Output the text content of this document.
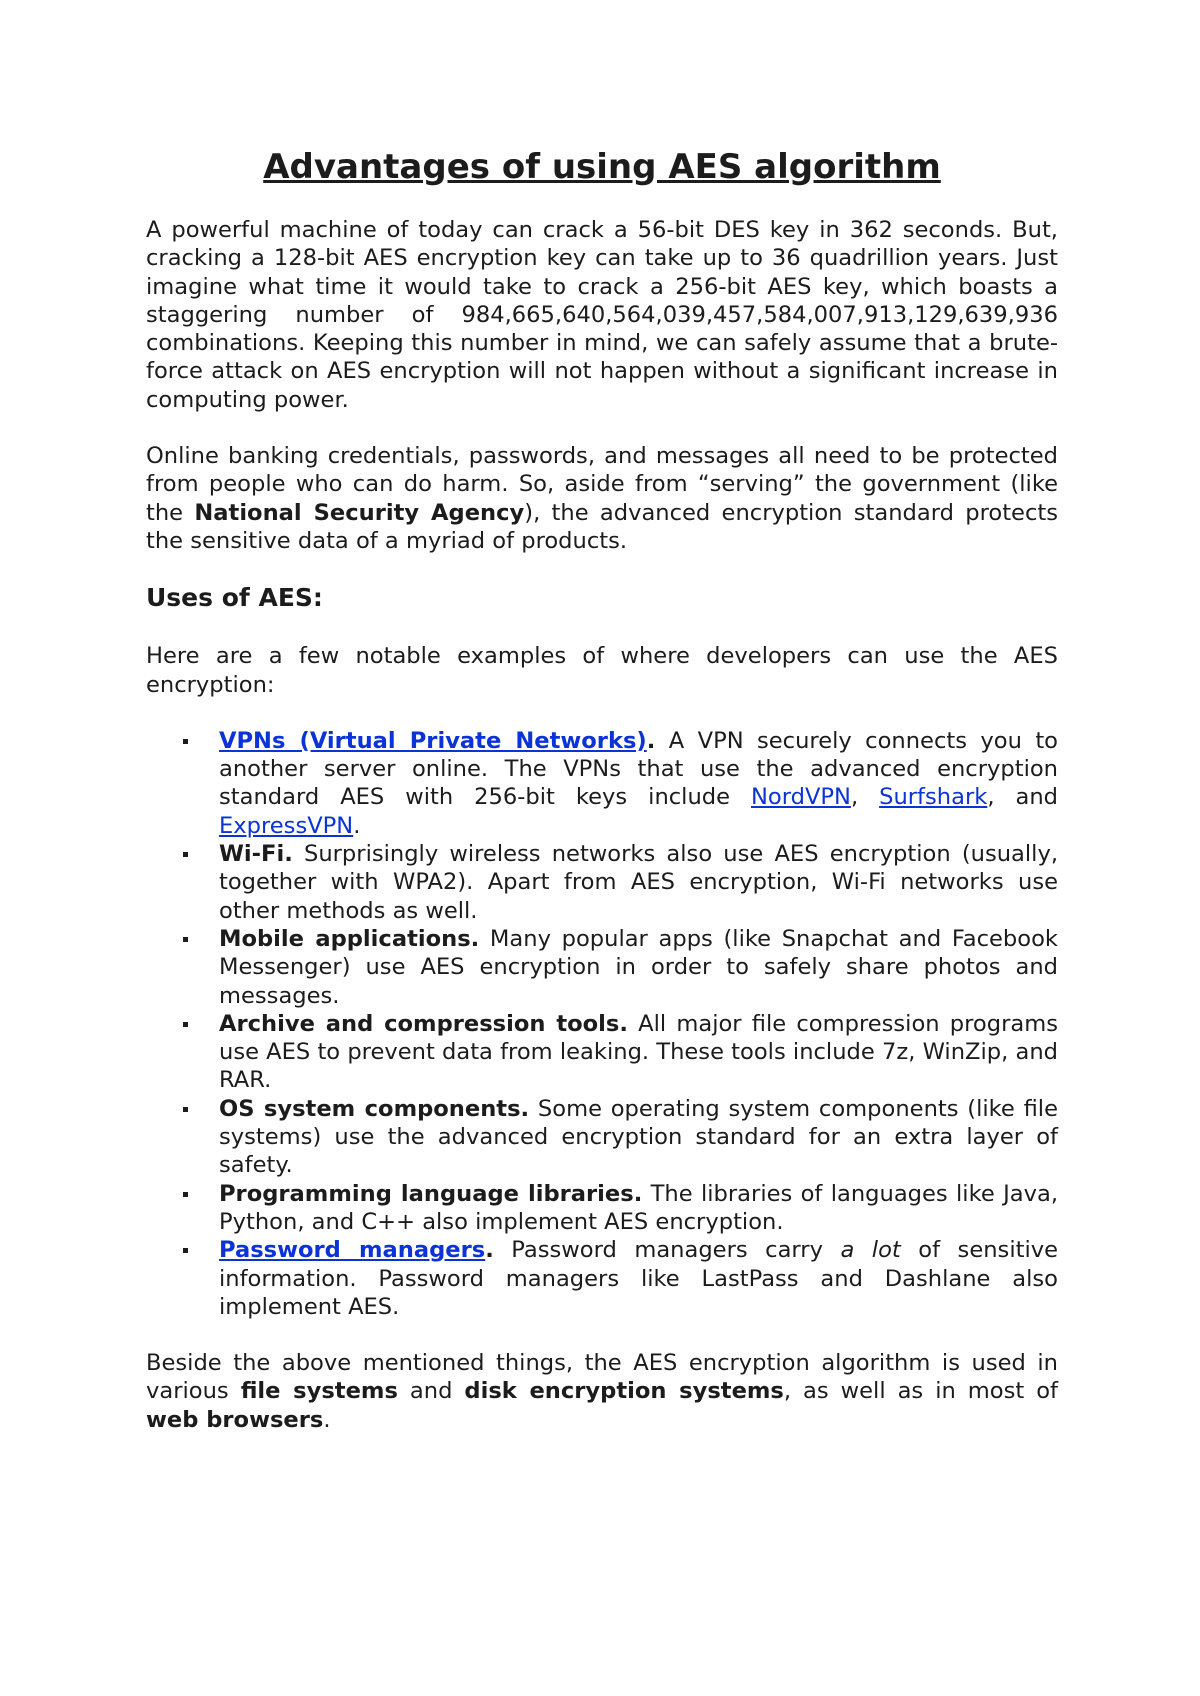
Advantages of using AES algorithm

A powerful machine of today can crack a 56-bit DES key in 362 seconds. But, cracking a 128-bit AES encryption key can take up to 36 quadrillion years. Just imagine what time it would take to crack a 256-bit AES key, which boasts a staggering number of 984,665,640,564,039,457,584,007,913,129,639,936 combinations. Keeping this number in mind, we can safely assume that a brute-force attack on AES encryption will not happen without a significant increase in computing power.

Online banking credentials, passwords, and messages all need to be protected from people who can do harm. So, aside from “serving” the government (like the National Security Agency), the advanced encryption standard protects the sensitive data of a myriad of products.

Uses of AES:

Here are a few notable examples of where developers can use the AES encryption:

VPNs (Virtual Private Networks). A VPN securely connects you to another server online. The VPNs that use the advanced encryption standard AES with 256-bit keys include NordVPN, Surfshark, and ExpressVPN.
Wi-Fi. Surprisingly wireless networks also use AES encryption (usually, together with WPA2). Apart from AES encryption, Wi-Fi networks use other methods as well.
Mobile applications. Many popular apps (like Snapchat and Facebook Messenger) use AES encryption in order to safely share photos and messages.
Archive and compression tools. All major file compression programs use AES to prevent data from leaking. These tools include 7z, WinZip, and RAR.
OS system components. Some operating system components (like file systems) use the advanced encryption standard for an extra layer of safety.
Programming language libraries. The libraries of languages like Java, Python, and C++ also implement AES encryption.
Password managers. Password managers carry a lot of sensitive information. Password managers like LastPass and Dashlane also implement AES.

Beside the above mentioned things, the AES encryption algorithm is used in various file systems and disk encryption systems, as well as in most of web browsers.
